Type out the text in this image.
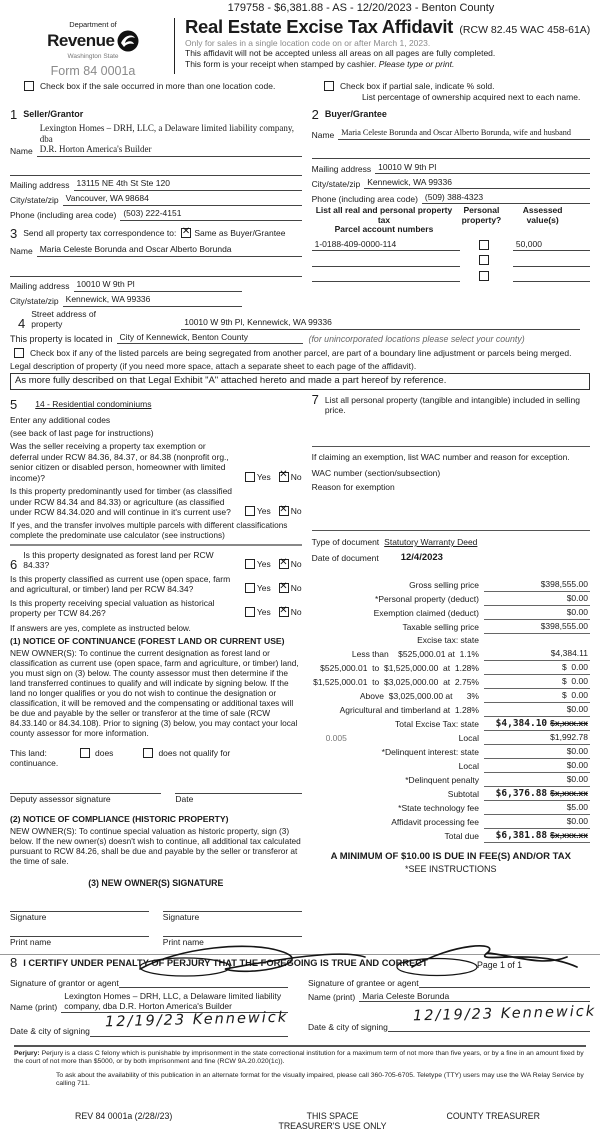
179758 - $6,381.88 - AS - 12/20/2023 - Benton County
Department of
Revenue
Washington State
Form 84 0001a
Real Estate Excise Tax Affidavit (RCW 82.45 WAC 458-61A)
Only for sales in a single location code on or after March 1, 2023.
This affidavit will not be accepted unless all areas on all pages are fully completed.
This form is your receipt when stamped by cashier. Please type or print.
Check box if the sale occurred in more than one location code.	Check box if partial sale, indicate % sold.
List percentage of ownership acquired next to each name.
1 Seller/Grantor
Name
Lexington Homes – DRH, LLC, a Delaware limited liability company, dba
D.R. Horton America's Builder
Mailing address 13115 NE 4th St Ste 120
City/state/zip Vancouver, WA 98684
Phone (including area code) (503) 222-4151
3 Send all property tax correspondence to: ✕ Same as Buyer/Grantee
Name Maria Celeste Borunda and Oscar Alberto Borunda
Mailing address 10010 W 9th Pl
City/state/zip Kennewick, WA 99336
2 Buyer/Grantee
Name Maria Celeste Borunda and Oscar Alberto Borunda, wife and husband
Mailing address 10010 W 9th Pl
City/state/zip Kennewick, WA 99336
Phone (including area code) (509) 388-4323
List all real and personal property tax
Parcel account numbers
Personal
property?
Assessed
value(s)
1-0188-409-0000-114	50,000
4
Street address of
property	10010 W 9th Pl, Kennewick, WA 99336
This property is located in City of Kennewick, Benton County	(for unincorporated locations please select your county)
Check box if any of the listed parcels are being segregated from another parcel, are part of a boundary line adjustment or parcels being merged.
Legal description of property (if you need more space, attach a separate sheet to each page of the affidavit).
As more fully described on that Legal Exhibit "A" attached hereto and made a part hereof by reference.
5	14 - Residential condominiums
Enter any additional codes
(see back of last page for instructions)
Was the seller receiving a property tax exemption or deferral under RCW 84.36, 84.37, or 84.38 (nonprofit org., senior citizen or disabled person, homeowner with limited income)?	Yes ✕ No
Is this property predominantly used for timber (as classified under RCW 84.34 and 84.33) or agriculture (as classified under RCW 84.34.020 and will continue in it's current use?	Yes ✕ No
If yes, and the transfer involves multiple parcels with different classifications complete the predominate use calculator (see instructions)
6
Is this property designated as forest land per RCW 84.33?	Yes ✕ No
Is this property classified as current use (open space, farm and agricultural, or timber) land per RCW 84.34?	Yes ✕ No
Is this property receiving special valuation as historical property per TCW 84.26?	Yes ✕ No
If answers are yes, complete as instructed below.
(1) NOTICE OF CONTINUANCE (FOREST LAND OR CURRENT USE)
NEW OWNER(S): To continue the current designation as forest land or classification as current use (open space, farm and agriculture, or timber) land, you must sign on (3) below. The county assessor must then determine if the land transferred continues to qualify and will indicate by signing below. If the land no longer qualifies or you do not wish to continue the designation or classification, it will be removed and the compensating or additional taxes will be due and payable by the seller or transferor at the time of sale (RCW 84.33.140 or 84.34.108). Prior to signing (3) below, you may contact your local county assessor for more information.
This land:	does	does not qualify for
continuance.
Deputy assessor signature	Date
(2) NOTICE OF COMPLIANCE (HISTORIC PROPERTY)
NEW OWNER(S): To continue special valuation as historic property, sign (3) below. If the new owner(s) doesn't wish to continue, all additional tax calculated pursuant to RCW 84.26, shall be due and payable by the seller or transferor at the time of sale.
(3) NEW OWNER(S) SIGNATURE
Signature	Signature
Print name	Print name
7 List all personal property (tangible and intangible) included in selling price.
If claiming an exemption, list WAC number and reason for exception.
WAC number (section/subsection)
Reason for exemption
Type of document Statutory Warranty Deed
Date of document 12/4/2023
Gross selling price	$398,555.00
*Personal property (deduct)	$0.00
Exemption claimed (deduct)	$0.00
Taxable selling price	$398,555.00
Excise tax: state
Less than    $525,000.01 at  1.1%	$4,384.11
$525,000.01  to  $1,525,000.00  at  1.28%	$  0.00
$1,525,000.01  to  $3,025,000.00  at  2.75%	$  0.00
Above  $3,025,000.00 at      3%	$  0.00
Agricultural and timberland at  1.28%	$0.00
Total Excise Tax: state	$4,384.10 $x,xxx.xx
0.005	Local	$1,992.78
*Delinquent interest: state	$0.00
Local	$0.00
*Delinquent penalty	$0.00
Subtotal	$6,376.88 $x,xxx.xx
*State technology fee	$5.00
Affidavit processing fee	$0.00
Total due	$6,381.88 $x,xxx.xx
A MINIMUM OF $10.00 IS DUE IN FEE(S) AND/OR TAX
*SEE INSTRUCTIONS
8 I CERTIFY UNDER PENALTY OF PERJURY THAT THE FOREGOING IS TRUE AND CORRECT
Signature of grantor or agent
Name (print)
Lexington Homes – DRH, LLC, a Delaware limited liability
company, dba D.R. Horton America's Builder
Date & city of signing
12/19/23 Kennewick
Signature of grantee or agent
Name (print) Maria Celeste Borunda
Date & city of signing
12/19/23 Kennewick
Perjury: Perjury is a class C felony which is punishable by imprisonment in the state correctional institution for a maximum term of not more than five years, or by a fine in an amount fixed by the court of not more than $5000, or by both imprisonment and fine (RCW 9A.20.020(1c)).
To ask about the availability of this publication in an alternate format for the visually impaired, please call 360-705-6705. Teletype (TTY) users may use the WA Relay Service by calling 711.
REV 84 0001a (2/28//23)	THIS SPACE TREASURER'S USE ONLY
COUNTY TREASURER
Page 1 of 1
